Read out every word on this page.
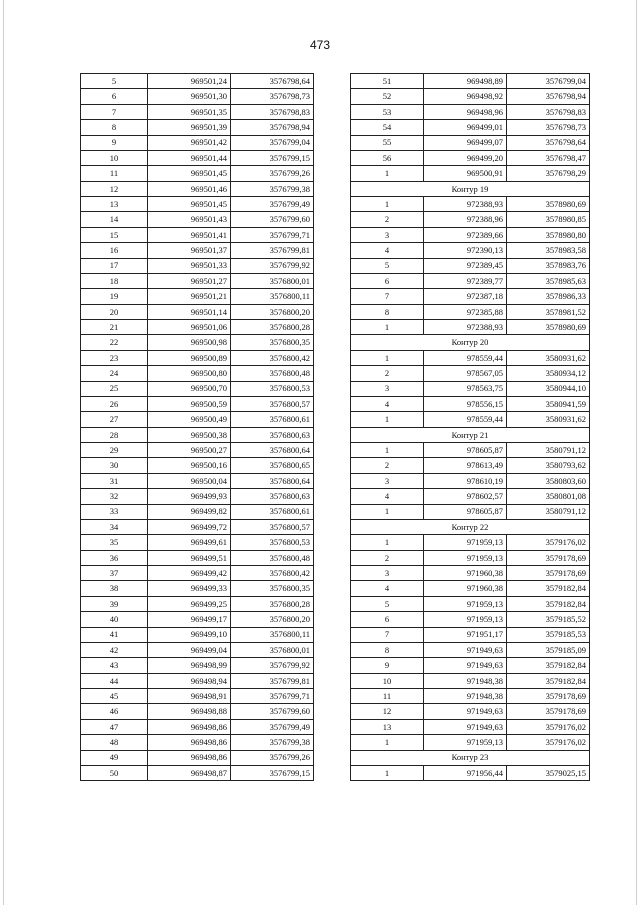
473
5	969501,24	3576798,64
6	969501,30	3576798,73
7	969501,35	3576798,83
8	969501,39	3576798,94
9	969501,42	3576799,04
10	969501,44	3576799,15
11	969501,45	3576799,26
12	969501,46	3576799,38
13	969501,45	3576799,49
14	969501,43	3576799,60
15	969501,41	3576799,71
16	969501,37	3576799,81
17	969501,33	3576799,92
18	969501,27	3576800,01
19	969501,21	3576800,11
20	969501,14	3576800,20
21	969501,06	3576800,28
22	969500,98	3576800,35
23	969500,89	3576800,42
24	969500,80	3576800,48
25	969500,70	3576800,53
26	969500,59	3576800,57
27	969500,49	3576800,61
28	969500,38	3576800,63
29	969500,27	3576800,64
30	969500,16	3576800,65
31	969500,04	3576800,64
32	969499,93	3576800,63
33	969499,82	3576800,61
34	969499,72	3576800,57
35	969499,61	3576800,53
36	969499,51	3576800,48
37	969499,42	3576800,42
38	969499,33	3576800,35
39	969499,25	3576800,28
40	969499,17	3576800,20
41	969499,10	3576800,11
42	969499,04	3576800,01
43	969498,99	3576799,92
44	969498,94	3576799,81
45	969498,91	3576799,71
46	969498,88	3576799,60
47	969498,86	3576799,49
48	969498,86	3576799,38
49	969498,86	3576799,26
50	969498,87	3576799,15
51	969498,89	3576799,04
52	969498,92	3576798,94
53	969498,96	3576798,83
54	969499,01	3576798,73
55	969499,07	3576798,64
56	969499,20	3576798,47
1	969500,91	3576798,29
Контур 19		
1	972388,93	3578980,69
2	972388,96	3578980,85
3	972389,66	3578980,80
4	972390,13	3578983,58
5	972389,45	3578983,76
6	972389,77	3578985,63
7	972387,18	3578986,33
8	972385,88	3578981,52
1	972388,93	3578980,69
Контур 20		
1	978559,44	3580931,62
2	978567,05	3580934,12
3	978563,75	3580944,10
4	978556,15	3580941,59
1	978559,44	3580931,62
Контур 21		
1	978605,87	3580791,12
2	978613,49	3580793,62
3	978610,19	3580803,60
4	978602,57	3580801,08
1	978605,87	3580791,12
Контур 22		
1	971959,13	3579176,02
2	971959,13	3579178,69
3	971960,38	3579178,69
4	971960,38	3579182,84
5	971959,13	3579182,84
6	971959,13	3579185,52
7	971951,17	3579185,53
8	971949,63	3579185,09
9	971949,63	3579182,84
10	971948,38	3579182,84
11	971948,38	3579178,69
12	971949,63	3579178,69
13	971949,63	3579176,02
1	971959,13	3579176,02
Контур 23		
1	971956,44	3579025,15
